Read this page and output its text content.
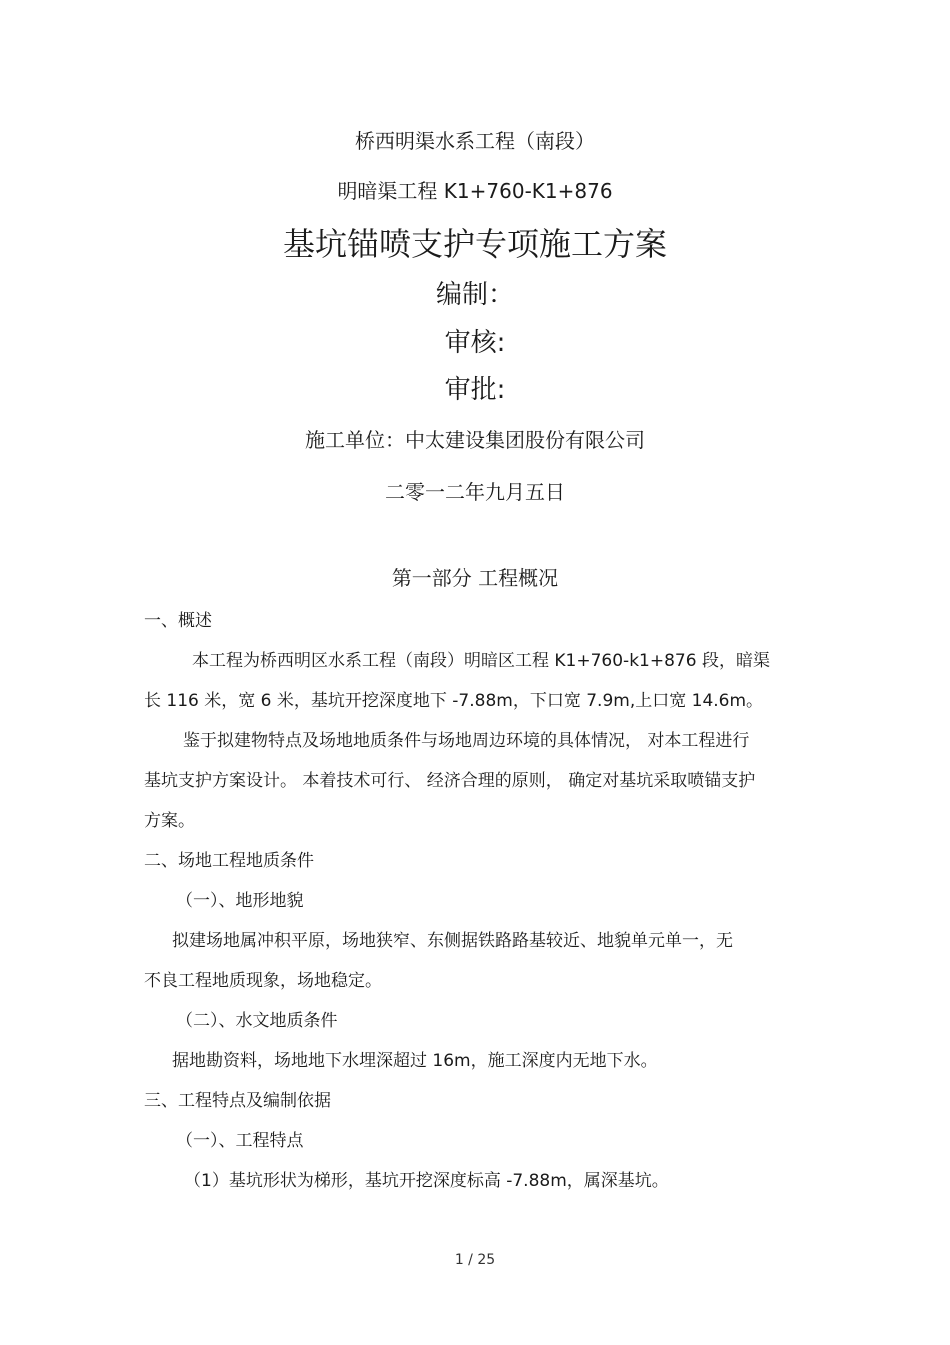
桥西明渠水系工程（南段）
明暗渠工程 K1+760-K1+876
基坑锚喷支护专项施工方案
编制：
审核:
审批:
施工单位：中太建设集团股份有限公司
二零一二年九月五日
第一部分 工程概况
一、概述
本工程为桥西明区水系工程（南段）明暗区工程 K1+760-k1+876 段，暗渠
长 116 米，宽 6 米，基坑开挖深度地下 -7.88m，下口宽 7.9m,上口宽 14.6m。
鉴于拟建物特点及场地地质条件与场地周边环境的具体情况， 对本工程进行
基坑支护方案设计。 本着技术可行、 经济合理的原则， 确定对基坑采取喷锚支护
方案。
二、场地工程地质条件
（一）、地形地貌
拟建场地属冲积平原，场地狭窄、东侧据铁路路基较近、地貌单元单一，无
不良工程地质现象，场地稳定。
（二）、水文地质条件
据地勘资料，场地地下水埋深超过 16m，施工深度内无地下水。
三、工程特点及编制依据
（一）、工程特点
（1）基坑形状为梯形，基坑开挖深度标高 -7.88m，属深基坑。
1 / 25
